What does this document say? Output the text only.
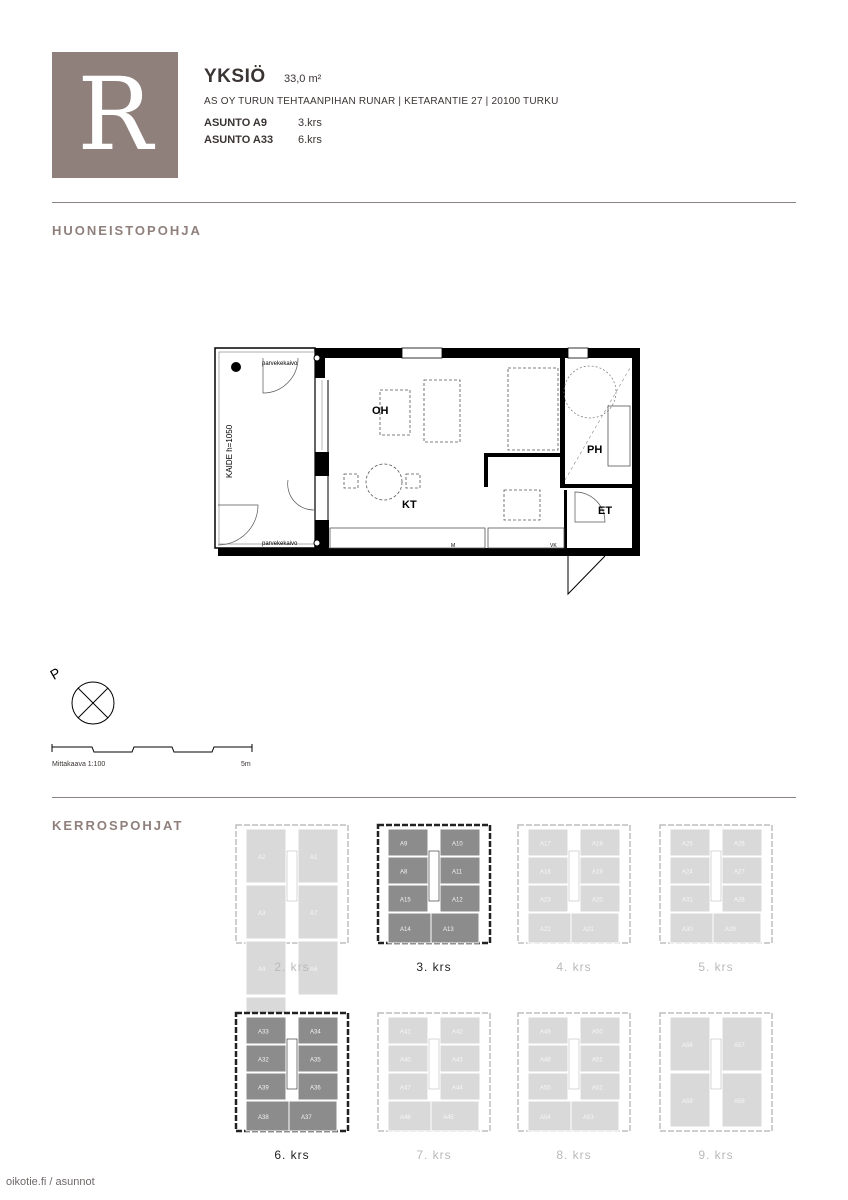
R	YKSIÖ 33,0 m²
AS OY TURUN TEHTAANPIHAN RUNAR | KETARANTIE 27 | 20100 TURKU
ASUNTO A9	3.krs
ASUNTO A33 6.krs
HUONEISTOPOHJA
OH
KT
PH
ET
KAIDE h=1050
parvekekaivo
parvekekaivo	M	VK
P
Mittakaava 1:100	5m
KERROSPOHJAT
A2	A1
A3	A7
A4	A6
2. krs
A9	A10
A8	A11
A15	A12
A14	A13
3. krs
A17	A18
A16	A19
A23	A20
A22	A21
4. krs
A25	A26
A24	A27
A31	A28
A30	A29
5. krs
A33	A34
A32	A35
A39	A36
A38	A37
6. krs
A41	A42
A40	A43
A47	A44
A46	A45
7. krs
A49	A50
A48	A51
A55	A52
A54	A53
8. krs
A56	A57
A59	A58
9. krs
oikotie.fi / asunnot
